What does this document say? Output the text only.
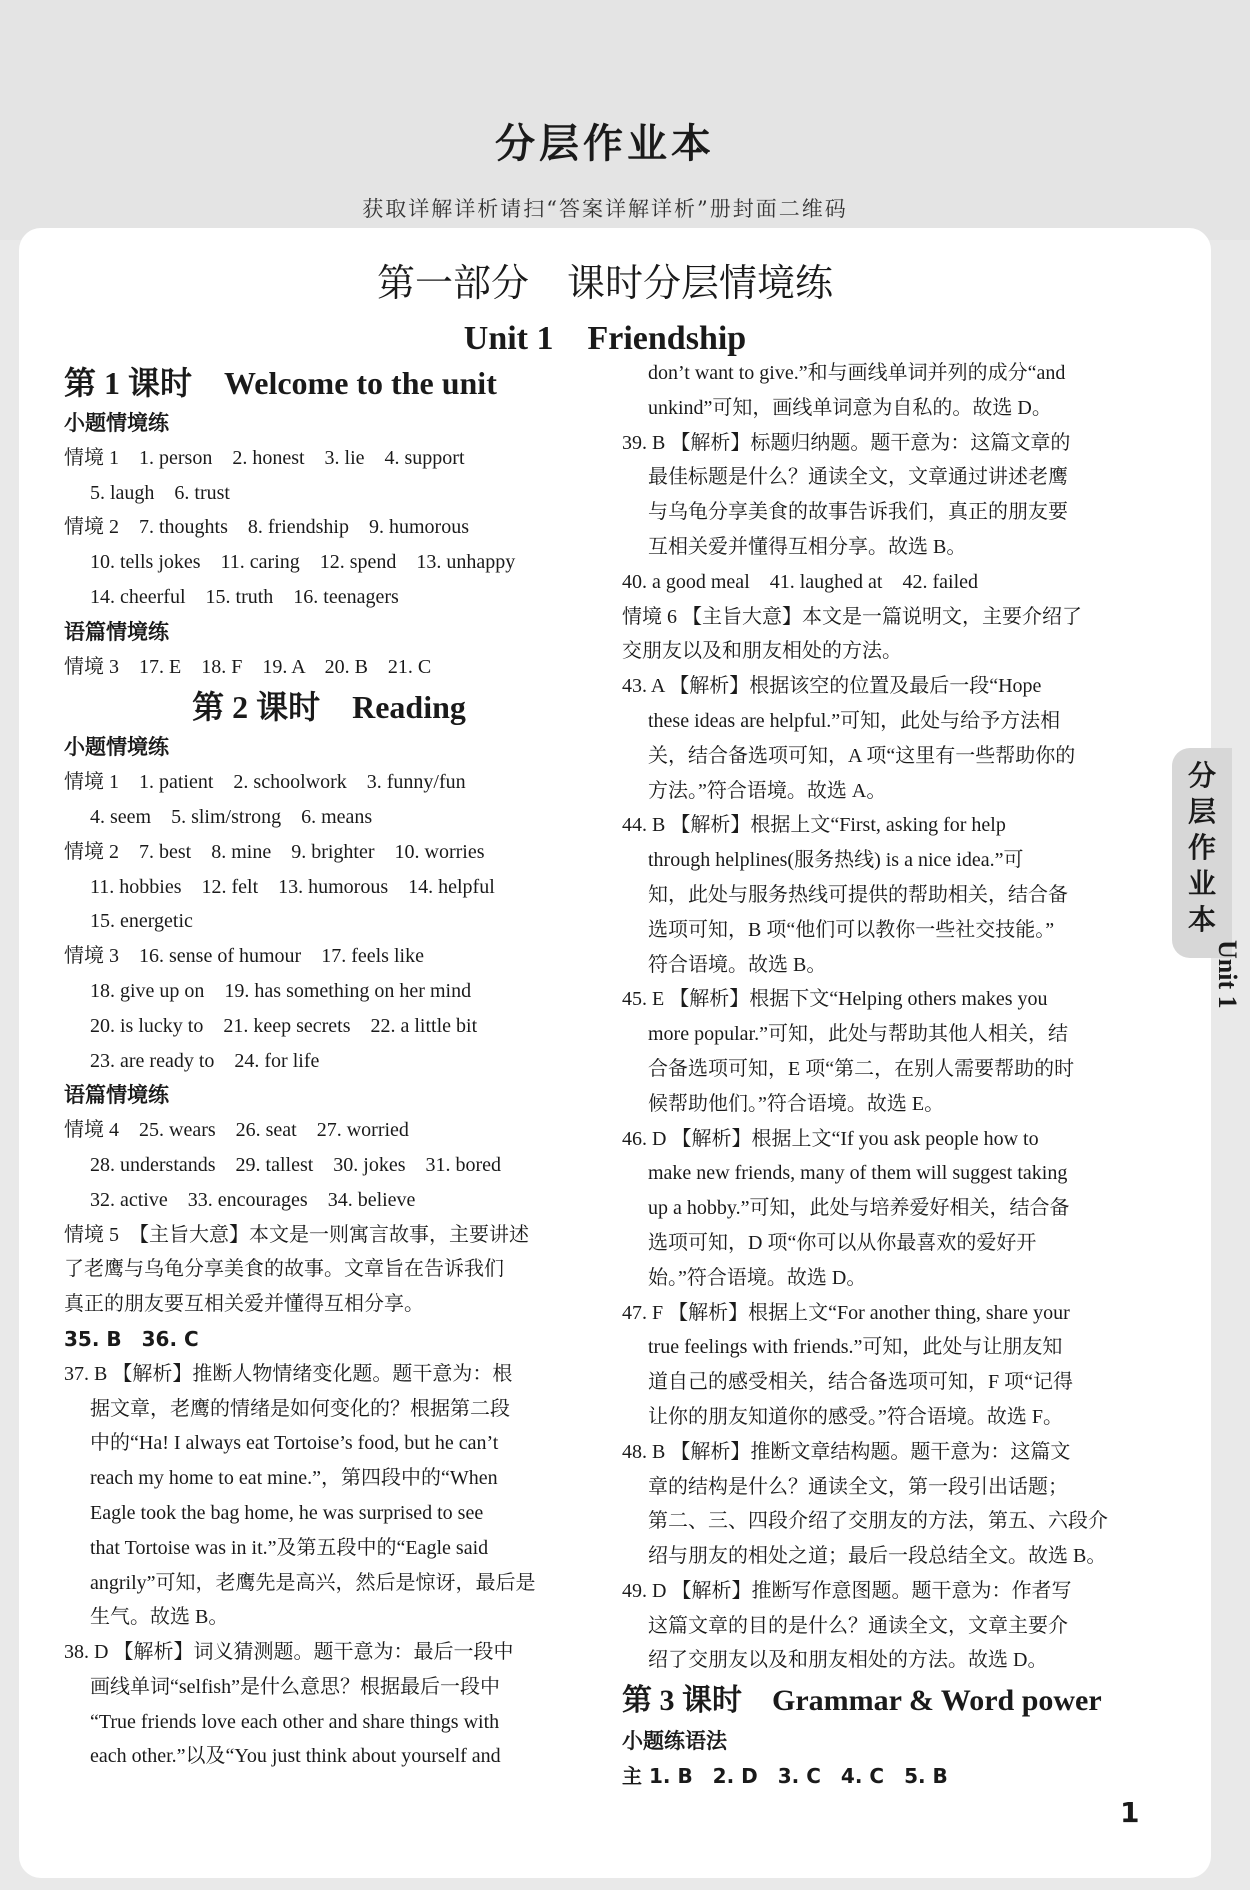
分层作业本
获取详解详析请扫“答案详解详析”册封面二维码
第一部分　课时分层情境练
Unit 1　Friendship
第 1 课时　Welcome to the unit
小题情境练
情境 1　1. person　2. honest　3. lie　4. support
5. laugh　6. trust
情境 2　7. thoughts　8. friendship　9. humorous
10. tells jokes　11. caring　12. spend　13. unhappy
14. cheerful　15. truth　16. teenagers
语篇情境练
情境 3　17. E　18. F　19. A　20. B　21. C
第 2 课时　Reading
小题情境练
情境 1　1. patient　2. schoolwork　3. funny/fun
4. seem　5. slim/strong　6. means
情境 2　7. best　8. mine　9. brighter　10. worries
11. hobbies　12. felt　13. humorous　14. helpful
15. energetic
情境 3　16. sense of humour　17. feels like
18. give up on　19. has something on her mind
20. is lucky to　21. keep secrets　22. a little bit
23. are ready to　24. for life
语篇情境练
情境 4　25. wears　26. seat　27. worried
28. understands　29. tallest　30. jokes　31. bored
32. active　33. encourages　34. believe
情境 5　【主旨大意】本文是一则寓言故事，主要讲述
了老鹰与乌龟分享美食的故事。文章旨在告诉我们
真正的朋友要互相关爱并懂得互相分享。
35. B　36. C
37. B 【解析】推断人物情绪变化题。题干意为：根
据文章，老鹰的情绪是如何变化的？根据第二段
中的“Ha! I always eat Tortoise’s food, but he can’t
reach my home to eat mine.”，第四段中的“When
Eagle took the bag home, he was surprised to see
that Tortoise was in it.”及第五段中的“Eagle said
angrily”可知，老鹰先是高兴，然后是惊讶，最后是
生气。故选 B。
38. D 【解析】词义猜测题。题干意为：最后一段中
画线单词“selfish”是什么意思？根据最后一段中
“True friends love each other and share things with
each other.”以及“You just think about yourself and
don’t want to give.”和与画线单词并列的成分“and
unkind”可知，画线单词意为自私的。故选 D。
39. B 【解析】标题归纳题。题干意为：这篇文章的
最佳标题是什么？通读全文，文章通过讲述老鹰
与乌龟分享美食的故事告诉我们，真正的朋友要
互相关爱并懂得互相分享。故选 B。
40. a good meal　41. laughed at　42. failed
情境 6 【主旨大意】本文是一篇说明文，主要介绍了
交朋友以及和朋友相处的方法。
43. A 【解析】根据该空的位置及最后一段“Hope
these ideas are helpful.”可知，此处与给予方法相
关，结合备选项可知，A 项“这里有一些帮助你的
方法。”符合语境。故选 A。
44. B 【解析】根据上文“First, asking for help
through helplines(服务热线) is a nice idea.”可
知，此处与服务热线可提供的帮助相关，结合备
选项可知，B 项“他们可以教你一些社交技能。”
符合语境。故选 B。
45. E 【解析】根据下文“Helping others makes you
more popular.”可知，此处与帮助其他人相关，结
合备选项可知，E 项“第二，在别人需要帮助的时
候帮助他们。”符合语境。故选 E。
46. D 【解析】根据上文“If you ask people how to
make new friends, many of them will suggest taking
up a hobby.”可知，此处与培养爱好相关，结合备
选项可知，D 项“你可以从你最喜欢的爱好开
始。”符合语境。故选 D。
47. F 【解析】根据上文“For another thing, share your
true feelings with friends.”可知，此处与让朋友知
道自己的感受相关，结合备选项可知，F 项“记得
让你的朋友知道你的感受。”符合语境。故选 F。
48. B 【解析】推断文章结构题。题干意为：这篇文
章的结构是什么？通读全文，第一段引出话题；
第二、三、四段介绍了交朋友的方法，第五、六段介
绍与朋友的相处之道；最后一段总结全文。故选 B。
49. D 【解析】推断写作意图题。题干意为：作者写
这篇文章的目的是什么？通读全文，文章主要介
绍了交朋友以及和朋友相处的方法。故选 D。
第 3 课时　Grammar & Word power
小题练语法
主 1. B　2. D　3. C　4. C　5. B
分层作业本
Unit 1
1
